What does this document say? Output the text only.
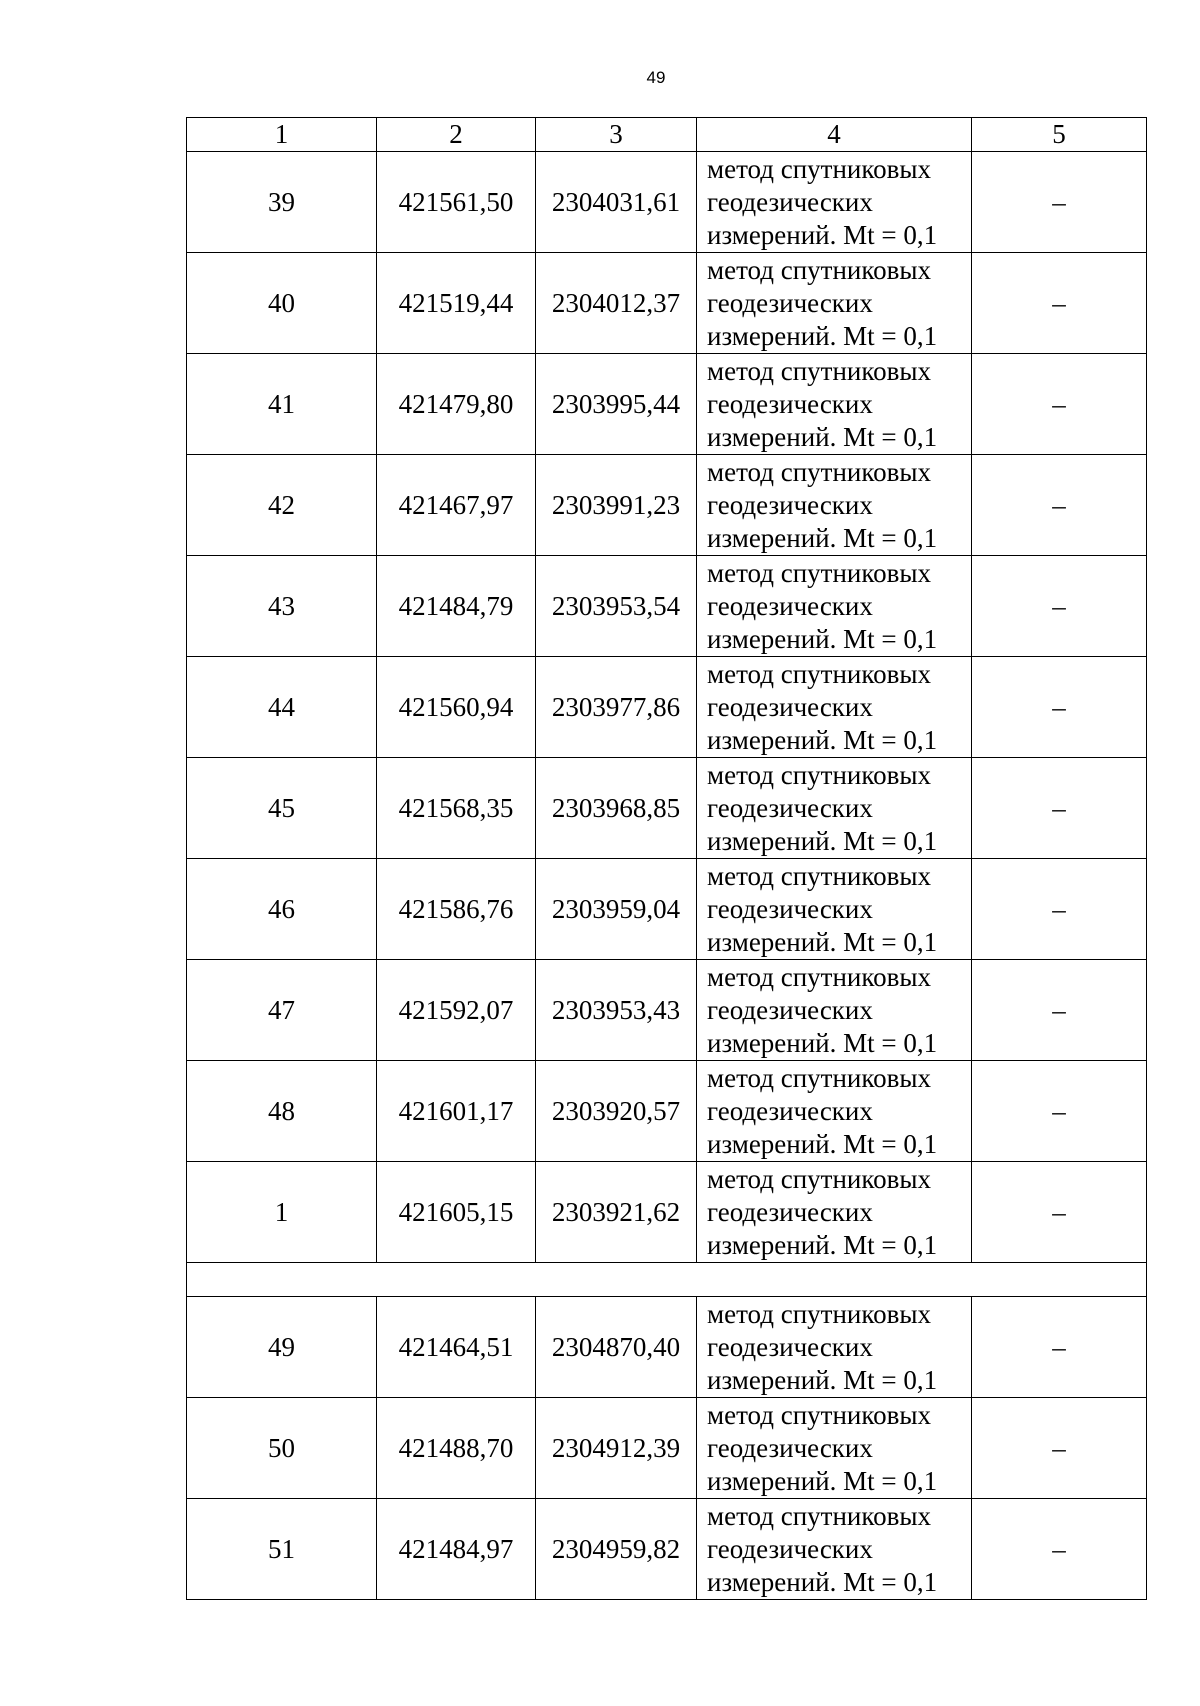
49
1	2	3	4	5
39	421561,50	2304031,61	метод спутниковых
геодезических
измерений. Mt = 0,1	–
40	421519,44	2304012,37	метод спутниковых
геодезических
измерений. Mt = 0,1	–
41	421479,80	2303995,44	метод спутниковых
геодезических
измерений. Mt = 0,1	–
42	421467,97	2303991,23	метод спутниковых
геодезических
измерений. Mt = 0,1	–
43	421484,79	2303953,54	метод спутниковых
геодезических
измерений. Mt = 0,1	–
44	421560,94	2303977,86	метод спутниковых
геодезических
измерений. Mt = 0,1	–
45	421568,35	2303968,85	метод спутниковых
геодезических
измерений. Mt = 0,1	–
46	421586,76	2303959,04	метод спутниковых
геодезических
измерений. Mt = 0,1	–
47	421592,07	2303953,43	метод спутниковых
геодезических
измерений. Mt = 0,1	–
48	421601,17	2303920,57	метод спутниковых
геодезических
измерений. Mt = 0,1	–
1	421605,15	2303921,62	метод спутниковых
геодезических
измерений. Mt = 0,1	–

49	421464,51	2304870,40	метод спутниковых
геодезических
измерений. Mt = 0,1	–
50	421488,70	2304912,39	метод спутниковых
геодезических
измерений. Mt = 0,1	–
51	421484,97	2304959,82	метод спутниковых
геодезических
измерений. Mt = 0,1	–
